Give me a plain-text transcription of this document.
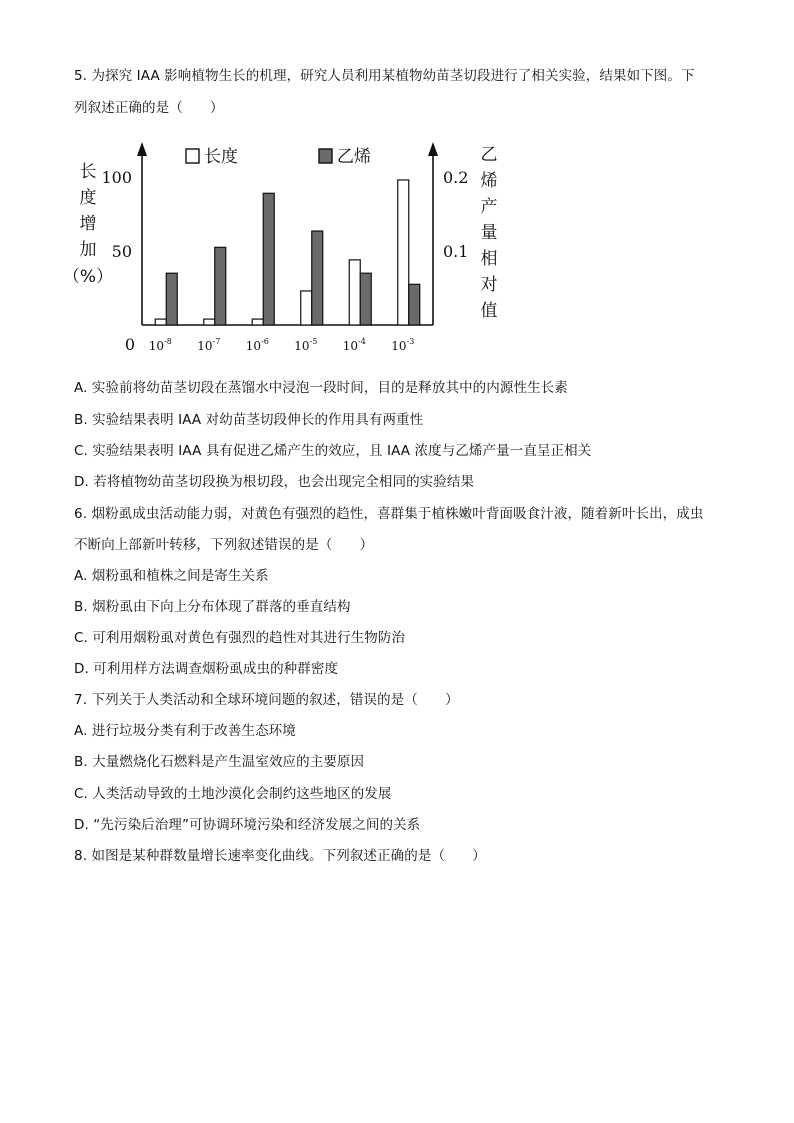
5. 为探究 IAA 影响植物生长的机理，研究人员利用某植物幼苗茎切段进行了相关实验，结果如下图。下
列叙述正确的是（　　）
100
50
0.2
0.1
0
长
度
增
加
（%）
乙
烯
产
量
相
对
值
长度	乙烯
$10^{-8}$ $10^{-7}$ $10^{-6}$ $10^{-5}$ $10^{-4}$ $10^{-3}$
A. 实验前将幼苗茎切段在蒸馏水中浸泡一段时间，目的是释放其中的内源性生长素
B. 实验结果表明 IAA 对幼苗茎切段伸长的作用具有两重性
C. 实验结果表明 IAA 具有促进乙烯产生的效应，且 IAA 浓度与乙烯产量一直呈正相关
D. 若将植物幼苗茎切段换为根切段，也会出现完全相同的实验结果
6. 烟粉虱成虫活动能力弱，对黄色有强烈的趋性，喜群集于植株嫩叶背面吸食汁液，随着新叶长出，成虫
不断向上部新叶转移，下列叙述错误的是（　　）
A. 烟粉虱和植株之间是寄生关系
B. 烟粉虱由下向上分布体现了群落的垂直结构
C. 可利用烟粉虱对黄色有强烈的趋性对其进行生物防治
D. 可利用样方法调查烟粉虱成虫的种群密度
7. 下列关于人类活动和全球环境问题的叙述，错误的是（　　）
A. 进行垃圾分类有利于改善生态环境
B. 大量燃烧化石燃料是产生温室效应的主要原因
C. 人类活动导致的土地沙漠化会制约这些地区的发展
D. “先污染后治理”可协调环境污染和经济发展之间的关系
8. 如图是某种群数量增长速率变化曲线。下列叙述正确的是（　　）
